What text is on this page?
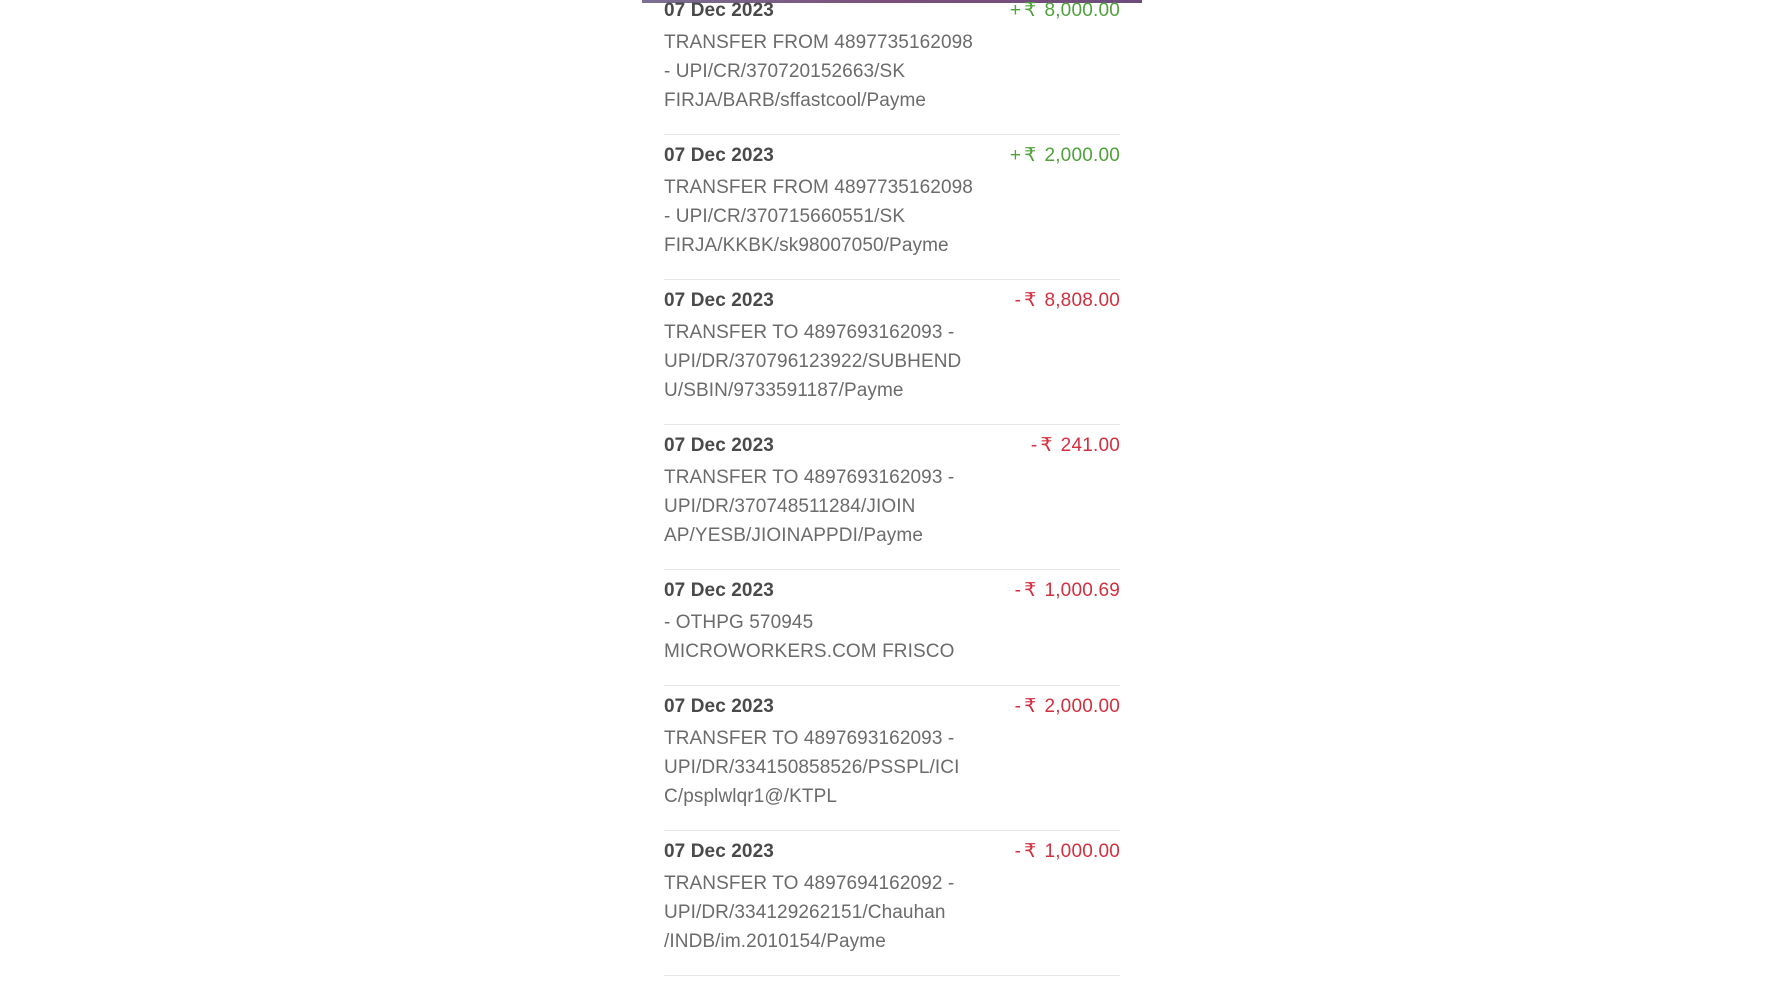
07 Dec 2023	+ ₹ 8,000.00
TRANSFER FROM 4897735162098
- UPI/CR/370720152663/SK
FIRJA/BARB/sffastcool/Payme
07 Dec 2023	+ ₹ 2,000.00
TRANSFER FROM 4897735162098
- UPI/CR/370715660551/SK
FIRJA/KKBK/sk98007050/Payme
07 Dec 2023	- ₹ 8,808.00
TRANSFER TO 4897693162093 -
UPI/DR/370796123922/SUBHEND
U/SBIN/9733591187/Payme
07 Dec 2023	- ₹ 241.00
TRANSFER TO 4897693162093 -
UPI/DR/370748511284/JIOIN
AP/YESB/JIOINAPPDI/Payme
07 Dec 2023	- ₹ 1,000.69
- OTHPG 570945
MICROWORKERS.COM FRISCO
07 Dec 2023	- ₹ 2,000.00
TRANSFER TO 4897693162093 -
UPI/DR/334150858526/PSSPL/ICI
C/psplwlqr1@/KTPL
07 Dec 2023	- ₹ 1,000.00
TRANSFER TO 4897694162092 -
UPI/DR/334129262151/Chauhan
/INDB/im.2010154/Payme
